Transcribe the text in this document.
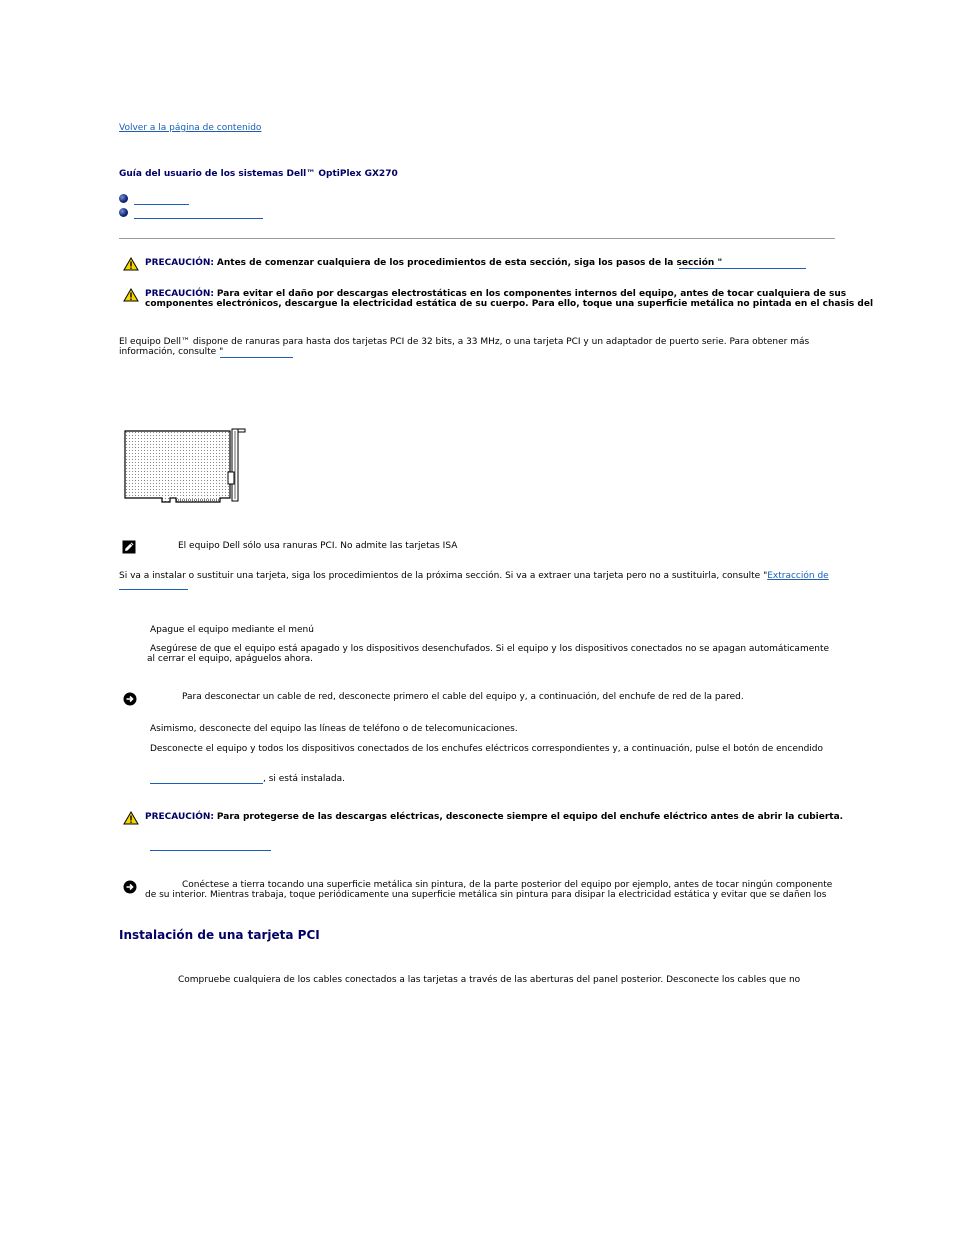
Volver a la página de contenido
Guía del usuario de los sistemas Dell™ OptiPlex GX270
PRECAUCIÓN: Antes de comenzar cualquiera de los procedimientos de esta sección, siga los pasos de la sección "
PRECAUCIÓN: Para evitar el daño por descargas electrostáticas en los componentes internos del equipo, antes de tocar cualquiera de sus
componentes electrónicos, descargue la electricidad estática de su cuerpo. Para ello, toque una superficie metálica no pintada en el chasis del
El equipo Dell™ dispone de ranuras para hasta dos tarjetas PCI de 32 bits, a 33 MHz, o una tarjeta PCI y un adaptador de puerto serie. Para obtener más
información, consulte "
El equipo Dell sólo usa ranuras PCI. No admite las tarjetas ISA
Si va a instalar o sustituir una tarjeta, siga los procedimientos de la próxima sección. Si va a extraer una tarjeta pero no a sustituirla, consulte "Extracción de
Apague el equipo mediante el menú
Asegúrese de que el equipo está apagado y los dispositivos desenchufados. Si el equipo y los dispositivos conectados no se apagan automáticamente
al cerrar el equipo, apáguelos ahora.
Para desconectar un cable de red, desconecte primero el cable del equipo y, a continuación, del enchufe de red de la pared.
Asimismo, desconecte del equipo las líneas de teléfono o de telecomunicaciones.
Desconecte el equipo y todos los dispositivos conectados de los enchufes eléctricos correspondientes y, a continuación, pulse el botón de encendido
, si está instalada.
PRECAUCIÓN: Para protegerse de las descargas eléctricas, desconecte siempre el equipo del enchufe eléctrico antes de abrir la cubierta.
Conéctese a tierra tocando una superficie metálica sin pintura, de la parte posterior del equipo por ejemplo, antes de tocar ningún componente
de su interior. Mientras trabaja, toque periódicamente una superficie metálica sin pintura para disipar la electricidad estática y evitar que se dañen los
Instalación de una tarjeta PCI
Compruebe cualquiera de los cables conectados a las tarjetas a través de las aberturas del panel posterior. Desconecte los cables que no
